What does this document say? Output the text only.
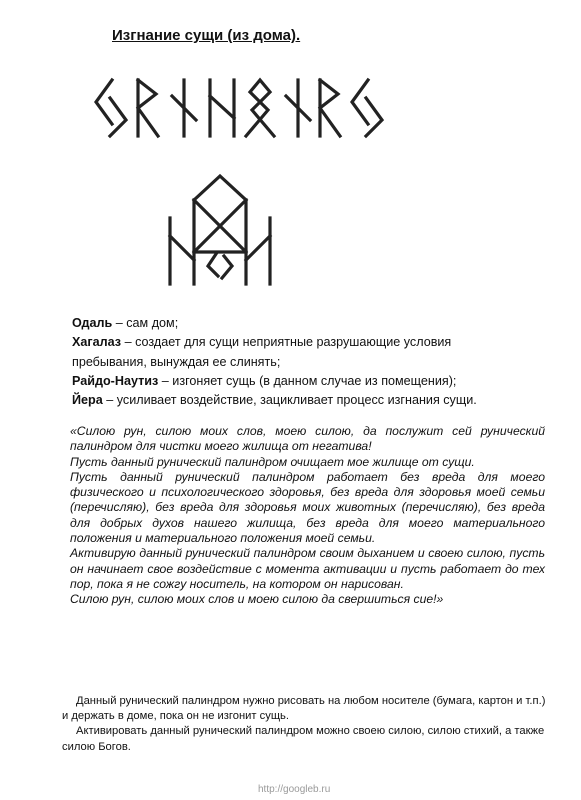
Изгнание сущи (из дома).
Одаль – сам дом;
Хагалаз – создает для сущи неприятные разрушающие условия
пребывания, вынуждая ее слинять;
Райдо-Наутиз – изгоняет сущь (в данном случае из помещения);
Йера – усиливает воздействие, зацикливает процесс изгнания сущи.

«Силою рун, силою моих слов, моею силою, да послужит сей рунический палиндром для чистки моего жилища от негатива!

Пусть данный рунический палиндром очищает мое жилище от сущи.

Пусть данный рунический палиндром работает без вреда для моего физического и психологического здоровья, без вреда для здоровья моей семьи (перечисляю), без вреда для здоровья моих животных (перечисляю), без вреда для добрых духов нашего жилища, без вреда для моего материального положения и материального положения моей семьи.

Активирую данный рунический палиндром своим дыханием и своею силою, пусть он начинает свое воздействие с момента активации и пусть работает до тех пор, пока я не сожгу носитель, на котором он нарисован.

Силою рун, силою моих слов и моею силою да свершиться сие!»

Данный рунический палиндром нужно рисовать на любом носителе (бумага, картон и т.п.) и держать в доме, пока он не изгонит сущь.

Активировать данный рунический палиндром можно своею силою, силою стихий, а также силою Богов.

http://googleb.ru
